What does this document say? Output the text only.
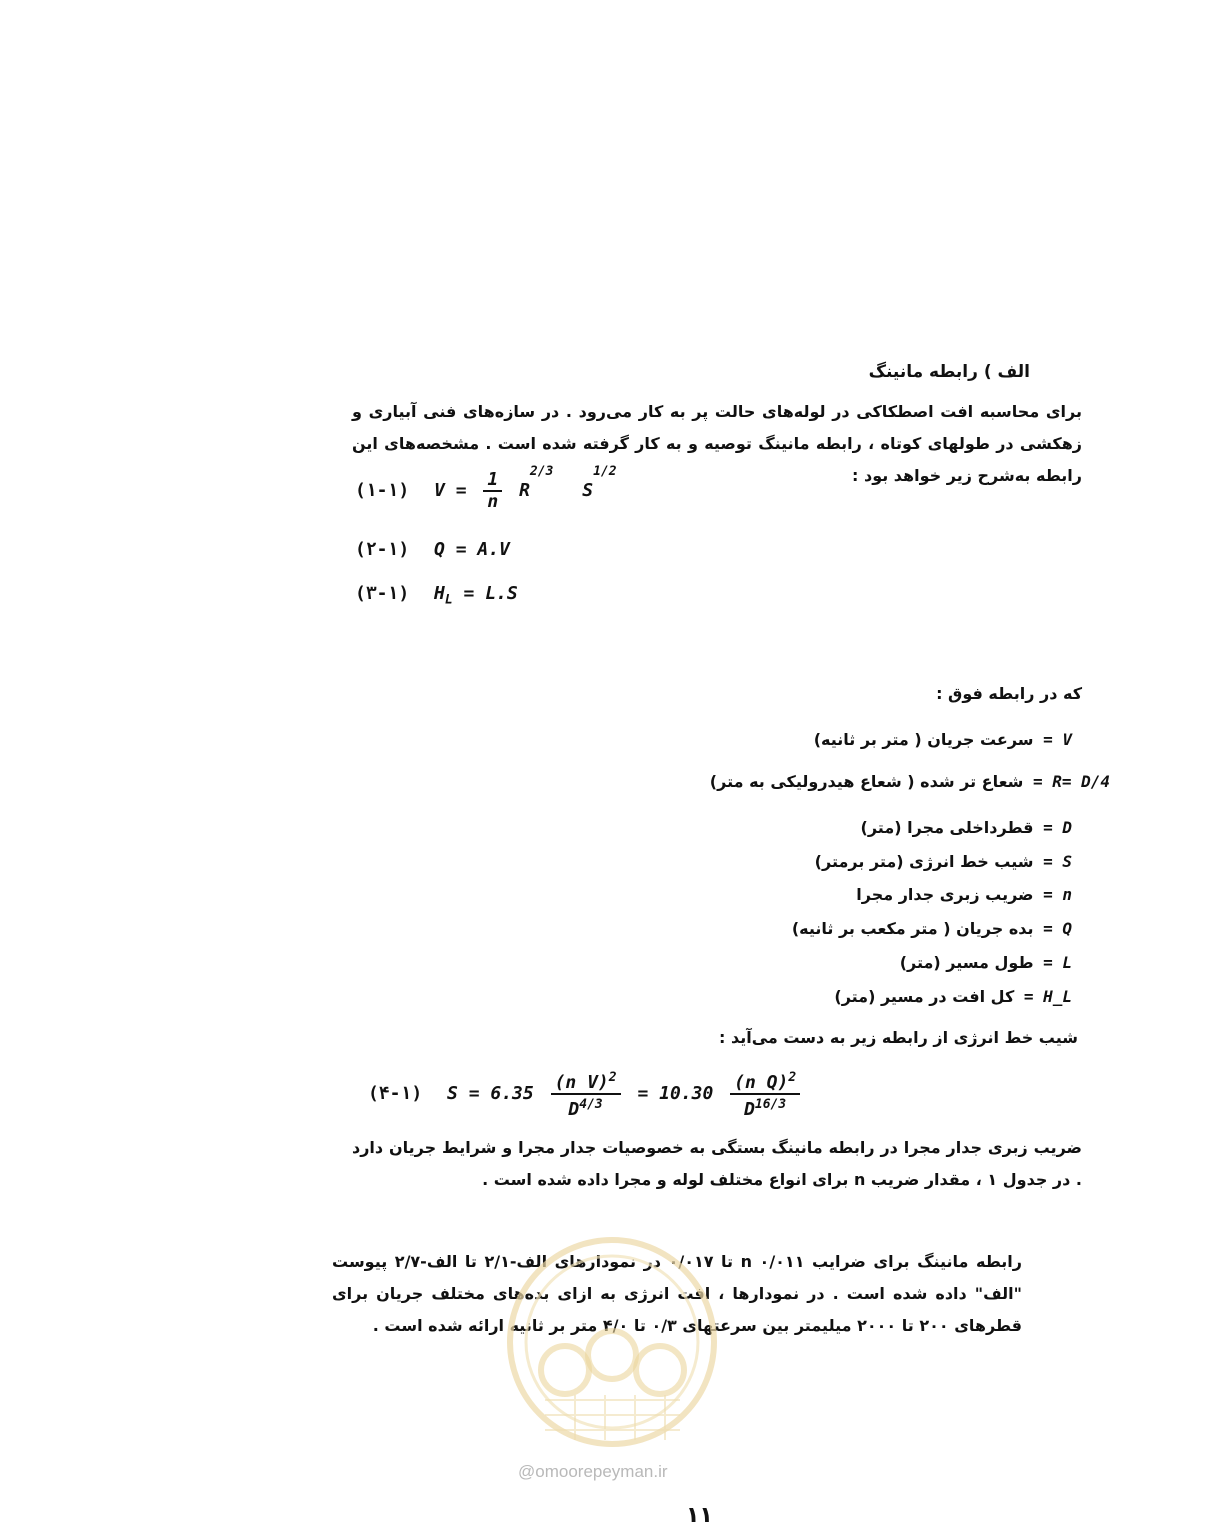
الف ) رابطه مانینگ
برای محاسبه افت اصطکاکی در لوله‌های حالت پر به کار می‌رود . در سازه‌های فنی آبیاری و زهکشی در طولهای کوتاه ، رابطه مانینگ توصیه و به کار گرفته شده است . مشخصه‌های این رابطه به‌شرح زیر خواهد بود :
(۱-۱) $V = \frac{1}{n} R^{2/3}$ $S^{1/2}$
(۲-۱) Q = A.V
(۳-۱) $H_L = L.S$
که در رابطه فوق :
V = سرعت جریان ( متر بر ثانیه)
R= D/4 = شعاع تر شده ( شعاع هیدرولیکی به متر)
D = قطرداخلی مجرا (متر)
S = شیب خط انرژی (متر برمتر)
n = ضریب زبری جدار مجرا
Q = بده جریان ( متر مکعب بر ثانیه)
L = طول مسیر (متر)
H_L = کل افت در مسیر (متر)
شیب خط انرژی از رابطه زیر به دست می‌آید :
(۴-۱) $S = 6.35 \frac{(n V)^2}{D^{4/3}} = 10.30 \frac{(n Q)^2}{D^{16/3}}$
ضریب زبری جدار مجرا در رابطه مانینگ بستگی به خصوصیات جدار مجرا و شرایط جریان دارد . در جدول ۱ ، مقدار ضریب n برای انواع مختلف لوله و مجرا داده شده است .
رابطه مانینگ برای ضرایب n ۰/۰۱۱ تا ۰/۰۱۷ در نمودارهای الف-۲/۱ تا الف-۲/۷ پیوست "الف" داده شده است . در نمودارها ، افت انرژی به ازای بده‌های مختلف جریان برای قطرهای ۲۰۰ تا ۲۰۰۰ میلیمتر بین سرعتهای ۰/۳ تا ۴/۰ متر بر ثانیه ارائه شده است .
@omoorepeyman.ir
۱۱
